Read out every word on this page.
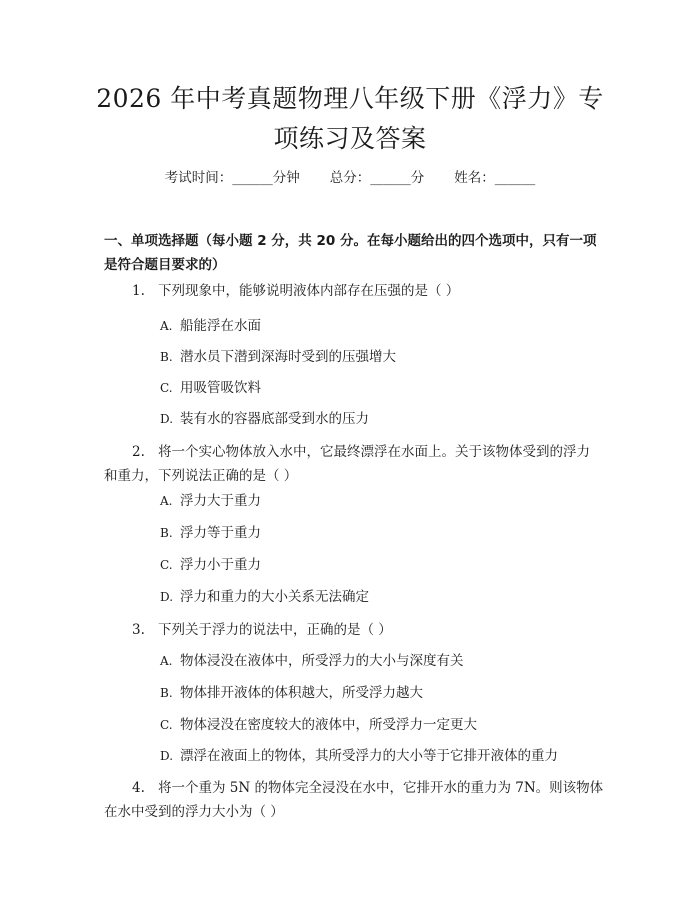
2026 年中考真题物理八年级下册《浮力》专
项练习及答案
考试时间：______分钟 总分：______分 姓名：______
一、单项选择题（每小题 2 分，共 20 分。在每小题给出的四个选项中，只有一项
是符合题目要求的）
1. 下列现象中，能够说明液体内部存在压强的是（ ）
A. 船能浮在水面
B. 潜水员下潜到深海时受到的压强增大
C. 用吸管吸饮料
D. 装有水的容器底部受到水的压力
2. 将一个实心物体放入水中，它最终漂浮在水面上。关于该物体受到的浮力
和重力，下列说法正确的是（ ）
A. 浮力大于重力
B. 浮力等于重力
C. 浮力小于重力
D. 浮力和重力的大小关系无法确定
3. 下列关于浮力的说法中，正确的是（ ）
A. 物体浸没在液体中，所受浮力的大小与深度有关
B. 物体排开液体的体积越大，所受浮力越大
C. 物体浸没在密度较大的液体中，所受浮力一定更大
D. 漂浮在液面上的物体，其所受浮力的大小等于它排开液体的重力
4. 将一个重为 5N 的物体完全浸没在水中，它排开水的重力为 7N。则该物体
在水中受到的浮力大小为（ ）
